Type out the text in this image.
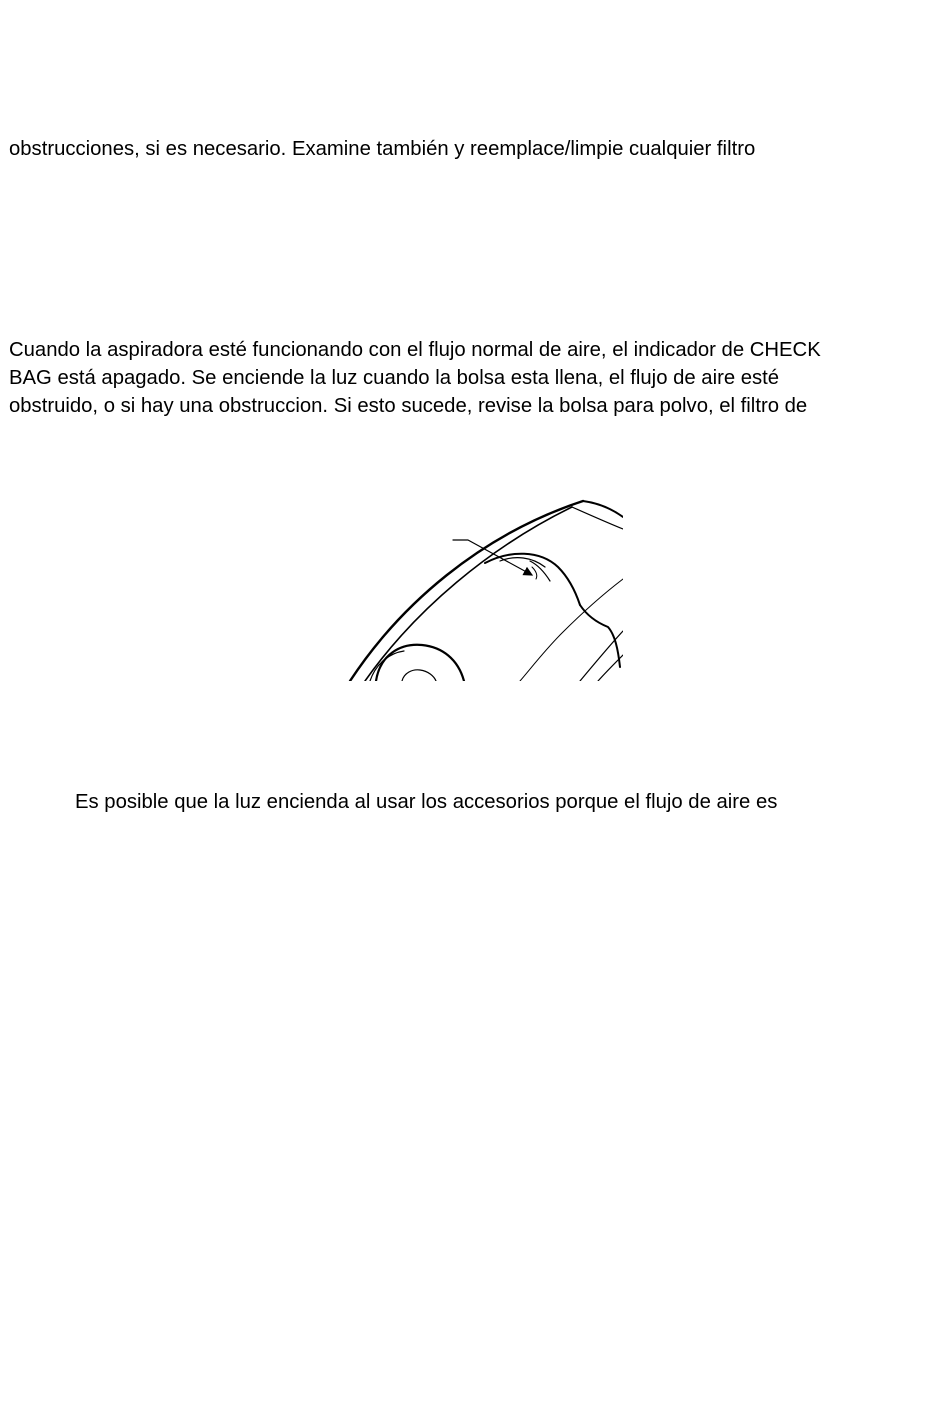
obstrucciones, si es necesario. Examine también y reemplace/limpie cualquier filtro

Cuando la aspiradora esté funcionando con el flujo normal de aire, el indicador de CHECK

BAG está apagado. Se enciende la luz cuando la bolsa esta llena, el flujo de aire esté

obstruido, o si hay una obstruccion. Si esto sucede, revise la bolsa para polvo, el filtro de

Es posible que la luz encienda al usar los accesorios porque el flujo de aire es
